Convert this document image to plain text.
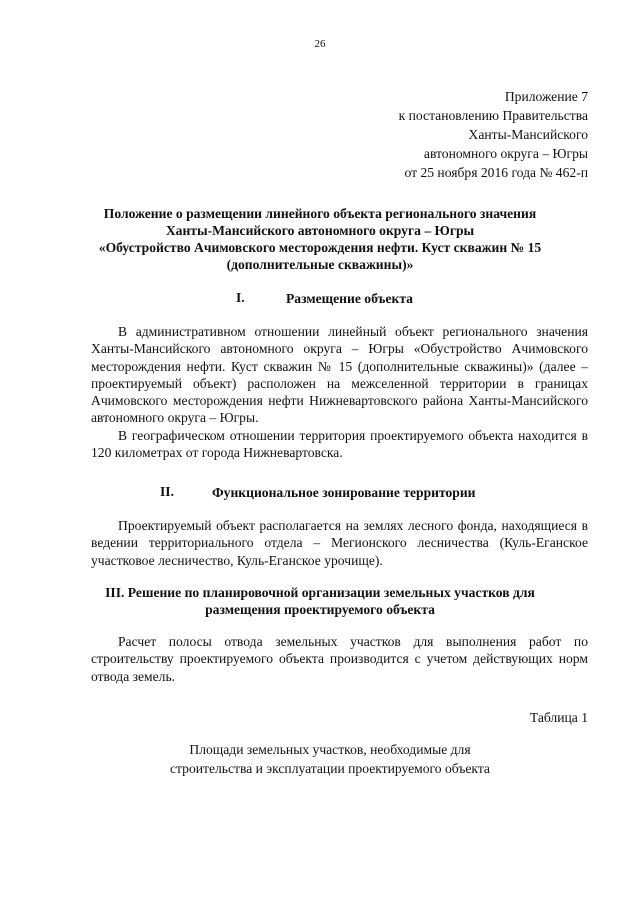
26
Приложение 7
к постановлению Правительства
Ханты-Мансийского
автономного округа – Югры
от 25 ноября 2016 года № 462-п
Положение о размещении линейного объекта регионального значения
Ханты-Мансийского автономного округа – Югры
«Обустройство Ачимовского месторождения нефти. Куст скважин № 15
(дополнительные скважины)»
I.	Размещение объекта

В административном отношении линейный объект регионального значения Ханты-Мансийского автономного округа – Югры «Обустройство Ачимовского месторождения нефти. Куст скважин № 15 (дополнительные скважины)» (далее – проектируемый объект) расположен на межселенной территории в границах Ачимовского месторождения нефти Нижневартовского района Ханты-Мансийского автономного округа – Югры.

В географическом отношении территория проектируемого объекта находится в 120 километрах от города Нижневартовска.

II.	Функциональное зонирование территории

Проектируемый объект располагается на землях лесного фонда, находящиеся в ведении территориального отдела – Мегионского лесничества (Куль-Еганское участковое лесничество, Куль-Еганское урочище).

III. Решение по планировочной организации земельных участков для
размещения проектируемого объекта

Расчет полосы отвода земельных участков для выполнения работ по строительству проектируемого объекта производится с учетом действующих норм отвода земель.

Таблица 1
Площади земельных участков, необходимые для
строительства и эксплуатации проектируемого объекта
